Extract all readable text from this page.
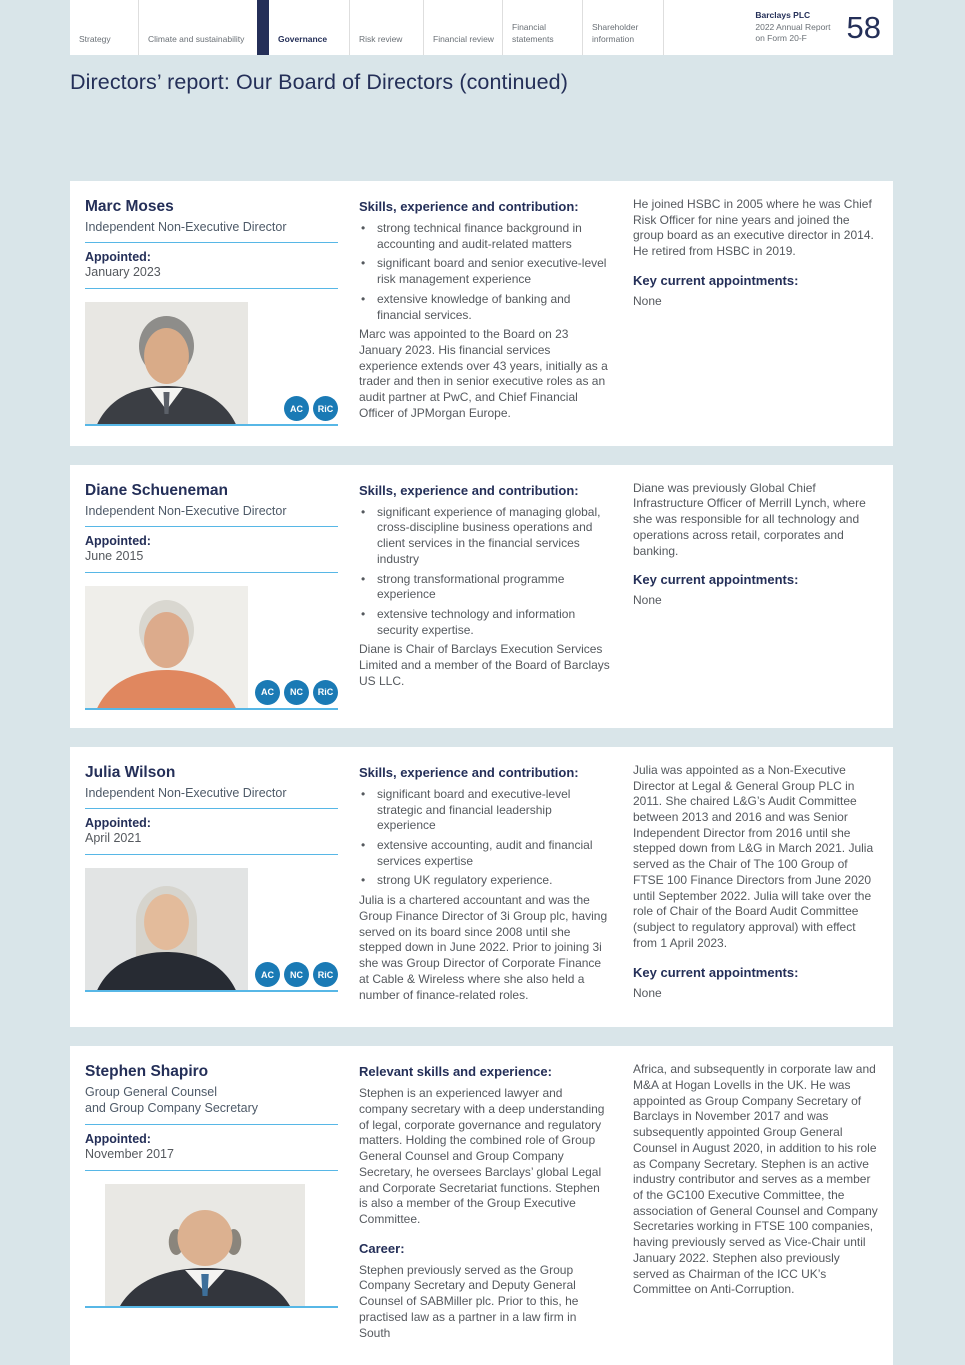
Strategy	Climate and sustainability	Governance	Risk review	Financial review
Financial statements
Shareholder information
Barclays PLC
2022 Annual Report
on Form 20-F	58
Directors’ report: Our Board of Directors (continued)
Marc Moses
Independent Non-Executive Director
Appointed:
January 2023
AC	RiC
Skills, experience and contribution:
• strong technical finance background in accounting and audit-related matters
• significant board and senior executive-level risk management experience
• extensive knowledge of banking and financial services.

Marc was appointed to the Board on 23 January 2023. His financial services experience extends over 43 years, initially as a trader and then in senior executive roles as an audit partner at PwC, and Chief Financial Officer of JPMorgan Europe.

He joined HSBC in 2005 where he was Chief Risk Officer for nine years and joined the group board as an executive director in 2014. He retired from HSBC in 2019.

Key current appointments:
None
Diane Schueneman
Independent Non-Executive Director
Appointed:
June 2015
AC	NC	RiC
Skills, experience and contribution:
• significant experience of managing global, cross-discipline business operations and client services in the financial services industry
• strong transformational programme experience
• extensive technology and information security expertise.

Diane is Chair of Barclays Execution Services Limited and a member of the Board of Barclays US LLC.

Diane was previously Global Chief Infrastructure Officer of Merrill Lynch, where she was responsible for all technology and operations across retail, corporates and banking.

Key current appointments:
None
Julia Wilson
Independent Non-Executive Director
Appointed:
April 2021
AC	NC	RiC
Skills, experience and contribution:
• significant board and executive-level strategic and financial leadership experience
• extensive accounting, audit and financial services expertise
• strong UK regulatory experience.

Julia is a chartered accountant and was the Group Finance Director of 3i Group plc, having served on its board since 2008 until she stepped down in June 2022. Prior to joining 3i she was Group Director of Corporate Finance at Cable & Wireless where she also held a number of finance-related roles.

Julia was appointed as a Non-Executive Director at Legal & General Group PLC in 2011. She chaired L&G’s Audit Committee between 2013 and 2016 and was Senior Independent Director from 2016 until she stepped down from L&G in March 2021. Julia served as the Chair of The 100 Group of FTSE 100 Finance Directors from June 2020 until September 2022. Julia will take over the role of Chair of the Board Audit Committee (subject to regulatory approval) with effect from 1 April 2023.

Key current appointments:
None
Stephen Shapiro
Group General Counsel
and Group Company Secretary
Appointed:
November 2017
Relevant skills and experience:

Stephen is an experienced lawyer and company secretary with a deep understanding of legal, corporate governance and regulatory matters. Holding the combined role of Group General Counsel and Group Company Secretary, he oversees Barclays’ global Legal and Corporate Secretariat functions. Stephen is also a member of the Group Executive Committee.

Career:

Stephen previously served as the Group Company Secretary and Deputy General Counsel of SABMiller plc. Prior to this, he practised law as a partner in a law firm in South

Africa, and subsequently in corporate law and M&A at Hogan Lovells in the UK. He was appointed as Group Company Secretary of Barclays in November 2017 and was subsequently appointed Group General Counsel in August 2020, in addition to his role as Company Secretary. Stephen is an active industry contributor and serves as a member of the GC100 Executive Committee, the association of General Counsel and Company Secretaries working in FTSE 100 companies, having previously served as Vice-Chair until January 2022. Stephen also previously served as Chairman of the ICC UK’s Committee on Anti-Corruption.
